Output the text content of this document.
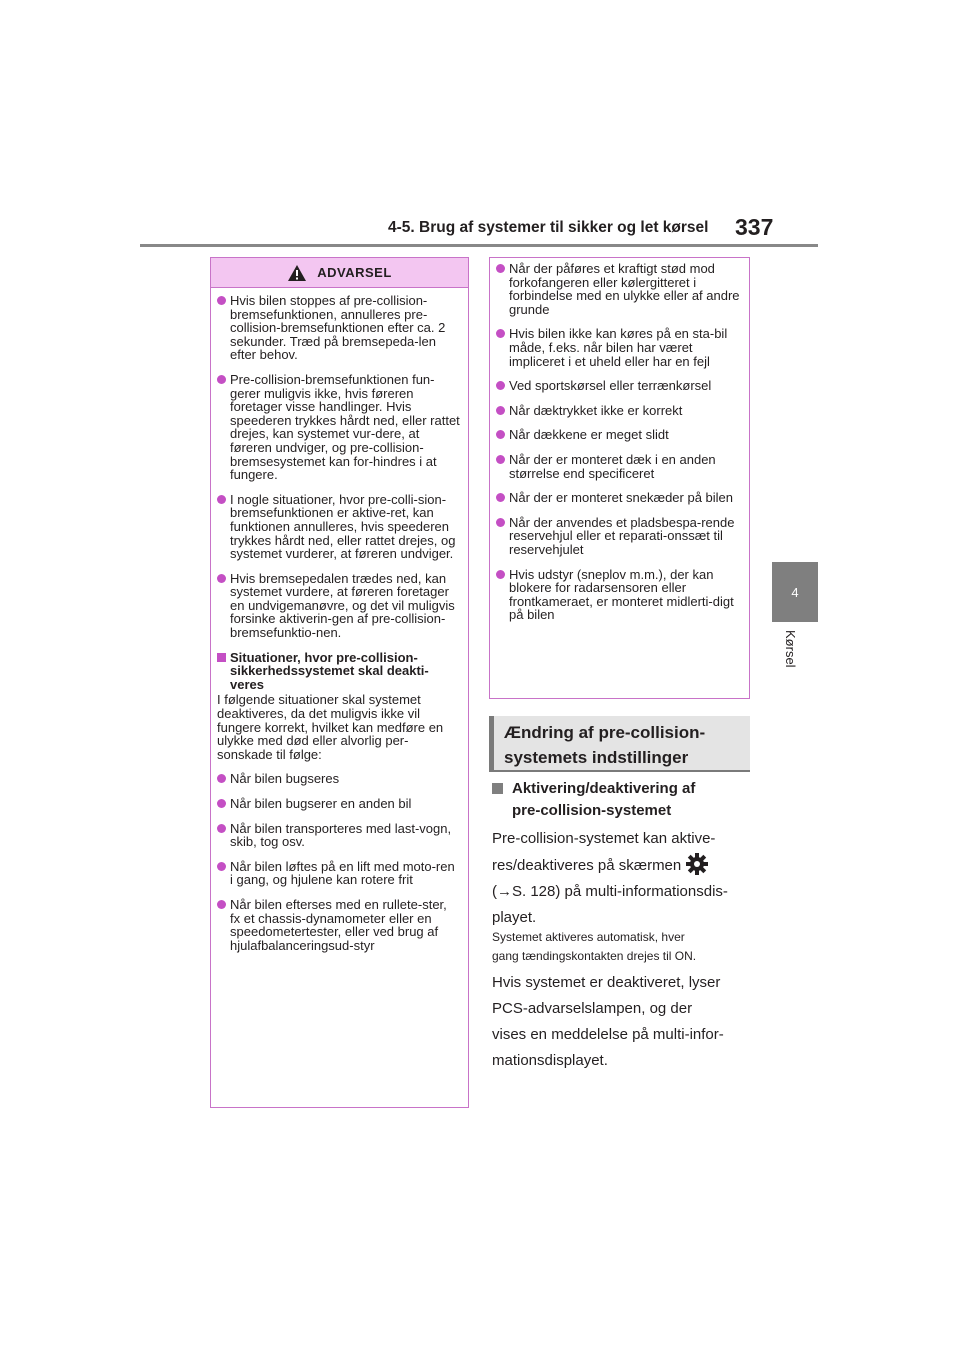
4-5. Brug af systemer til sikker og let kørsel 337
4
Kørsel
ADVARSEL
Hvis bilen stoppes af pre-collision-bremsefunktionen, annulleres pre-collision-bremsefunktionen efter ca. 2 sekunder. Træd på bremsepeda-len efter behov.
Pre-collision-bremsefunktionen fun-gerer muligvis ikke, hvis føreren foretager visse handlinger. Hvis speederen trykkes hårdt ned, eller rattet drejes, kan systemet vur-dere, at føreren undviger, og pre-collision-bremsesystemet kan for-hindres i at fungere.
I nogle situationer, hvor pre-colli-sion-bremsefunktionen er aktive-ret, kan funktionen annulleres, hvis speederen trykkes hårdt ned, eller rattet drejes, og systemet vurderer, at føreren undviger.
Hvis bremsepedalen trædes ned, kan systemet vurdere, at føreren foretager en undvigemanøvre, og det vil muligvis forsinke aktiverin-gen af pre-collision-bremsefunktio-nen.
Situationer, hvor pre-collision-sikkerhedssystemet skal deakti-veres
I følgende situationer skal systemet deaktiveres, da det muligvis ikke vil fungere korrekt, hvilket kan medføre en ulykke med død eller alvorlig per-sonskade til følge:
Når bilen bugseres
Når bilen bugserer en anden bil
Når bilen transporteres med last-vogn, skib, tog osv.
Når bilen løftes på en lift med moto-ren i gang, og hjulene kan rotere frit
Når bilen efterses med en rullete-ster, fx et chassis-dynamometer eller en speedometertester, eller ved brug af hjulafbalanceringsud-styr
Når der påføres et kraftigt stød mod forkofangeren eller kølergitteret i forbindelse med en ulykke eller af andre grunde
Hvis bilen ikke kan køres på en sta-bil måde, f.eks. når bilen har været impliceret i et uheld eller har en fejl
Ved sportskørsel eller terrænkørsel
Når dæktrykket ikke er korrekt
Når dækkene er meget slidt
Når der er monteret dæk i en anden størrelse end specificeret
Når der er monteret snekæder på bilen
Når der anvendes et pladsbespa-rende reservehjul eller et reparati-onssæt til reservehjulet
Hvis udstyr (sneplov m.m.), der kan blokere for radarsensoren eller frontkameraet, er monteret midlerti-digt på bilen
Ændring af pre-collision-
systemets indstillinger
Aktivering/deaktivering af
pre-collision-systemet
Pre-collision-systemet kan aktive-
res/deaktiveres på skærmen
(→S. 128) på multi-informationsdis-
playet.
Systemet aktiveres automatisk, hver
gang tændingskontakten drejes til ON.
Hvis systemet er deaktiveret, lyser
PCS-advarselslampen, og der
vises en meddelelse på multi-infor-
mationsdisplayet.
